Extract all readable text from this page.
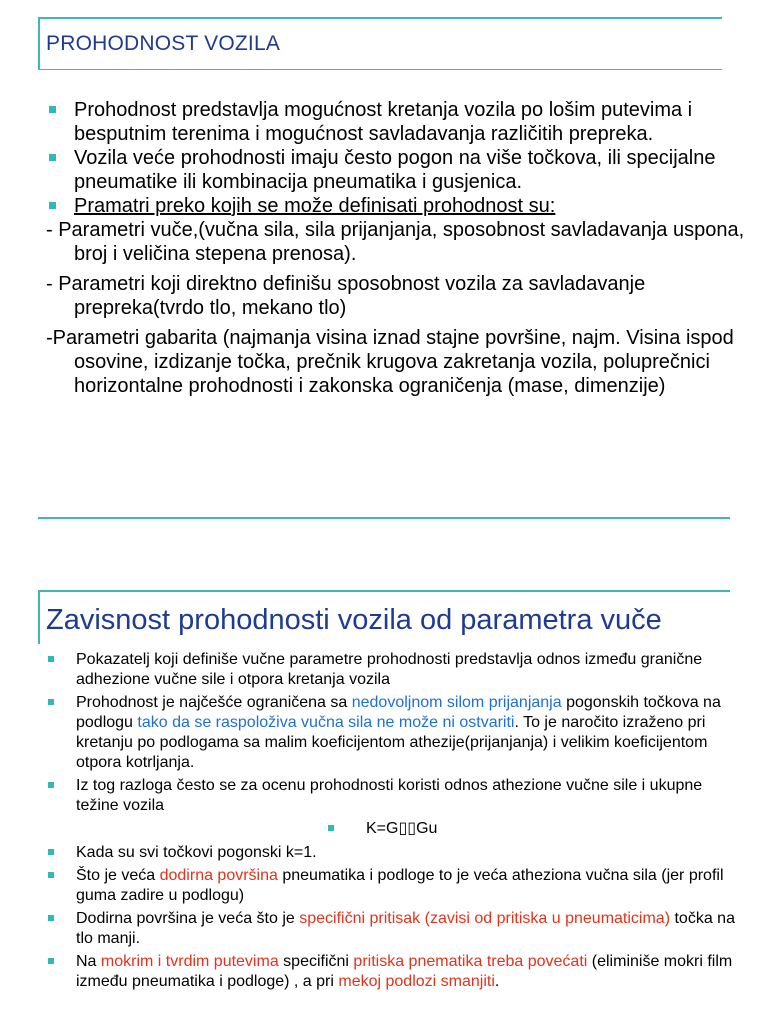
PROHODNOST VOZILA
Prohodnost predstavlja mogućnost kretanja vozila po lošim putevima i besputnim terenima i mogućnost savladavanja različitih prepreka.
Vozila veće prohodnosti imaju često pogon na više točkova, ili specijalne pneumatike ili kombinacija pneumatika i gusjenica.
Pramatri preko kojih se može definisati prohodnost su:
- Parametri vuče,(vučna sila, sila prijanjanja, sposobnost savladavanja uspona, broj i veličina stepena prenosa).
- Parametri koji direktno definišu sposobnost vozila za savladavanje prepreka(tvrdo tlo, mekano tlo)
-Parametri gabarita (najmanja visina iznad stajne površine, najm. Visina ispod osovine, izdizanje točka, prečnik krugova zakretanja vozila, poluprečnici horizontalne prohodnosti i zakonska ograničenja (mase, dimenzije)
Zavisnost prohodnosti vozila od parametra vuče
Pokazatelj koji definiše vučne parametre prohodnosti predstavlja odnos između granične adhezione vučne sile i otpora kretanja vozila
Prohodnost je najčešće ograničena sa nedovoljnom silom prijanjanja pogonskih točkova na podlogu tako da se raspoloživa vučna sila ne može ni ostvariti. To je naročito izraženo pri kretanju po podlogama sa malim koeficijentom athezije(prijanjanja) i velikim koeficijentom otpora kotrljanja.
Iz tog razloga često se za ocenu prohodnosti koristi odnos athezione vučne sile i ukupne težine vozila
K=G▯▯Gu
Kada su svi točkovi pogonski k=1.
Što je veća dodirna površina pneumatika i podloge to je veća atheziona vučna sila (jer profil guma zadire u podlogu)
Dodirna površina je veća što je specifični pritisak (zavisi od pritiska u pneumaticima) točka na tlo manji.
Na mokrim i tvrdim putevima specifični pritiska pnematika treba povećati (eliminiše mokri film između pneumatika i podloge) , a pri mekoj podlozi smanjiti.
